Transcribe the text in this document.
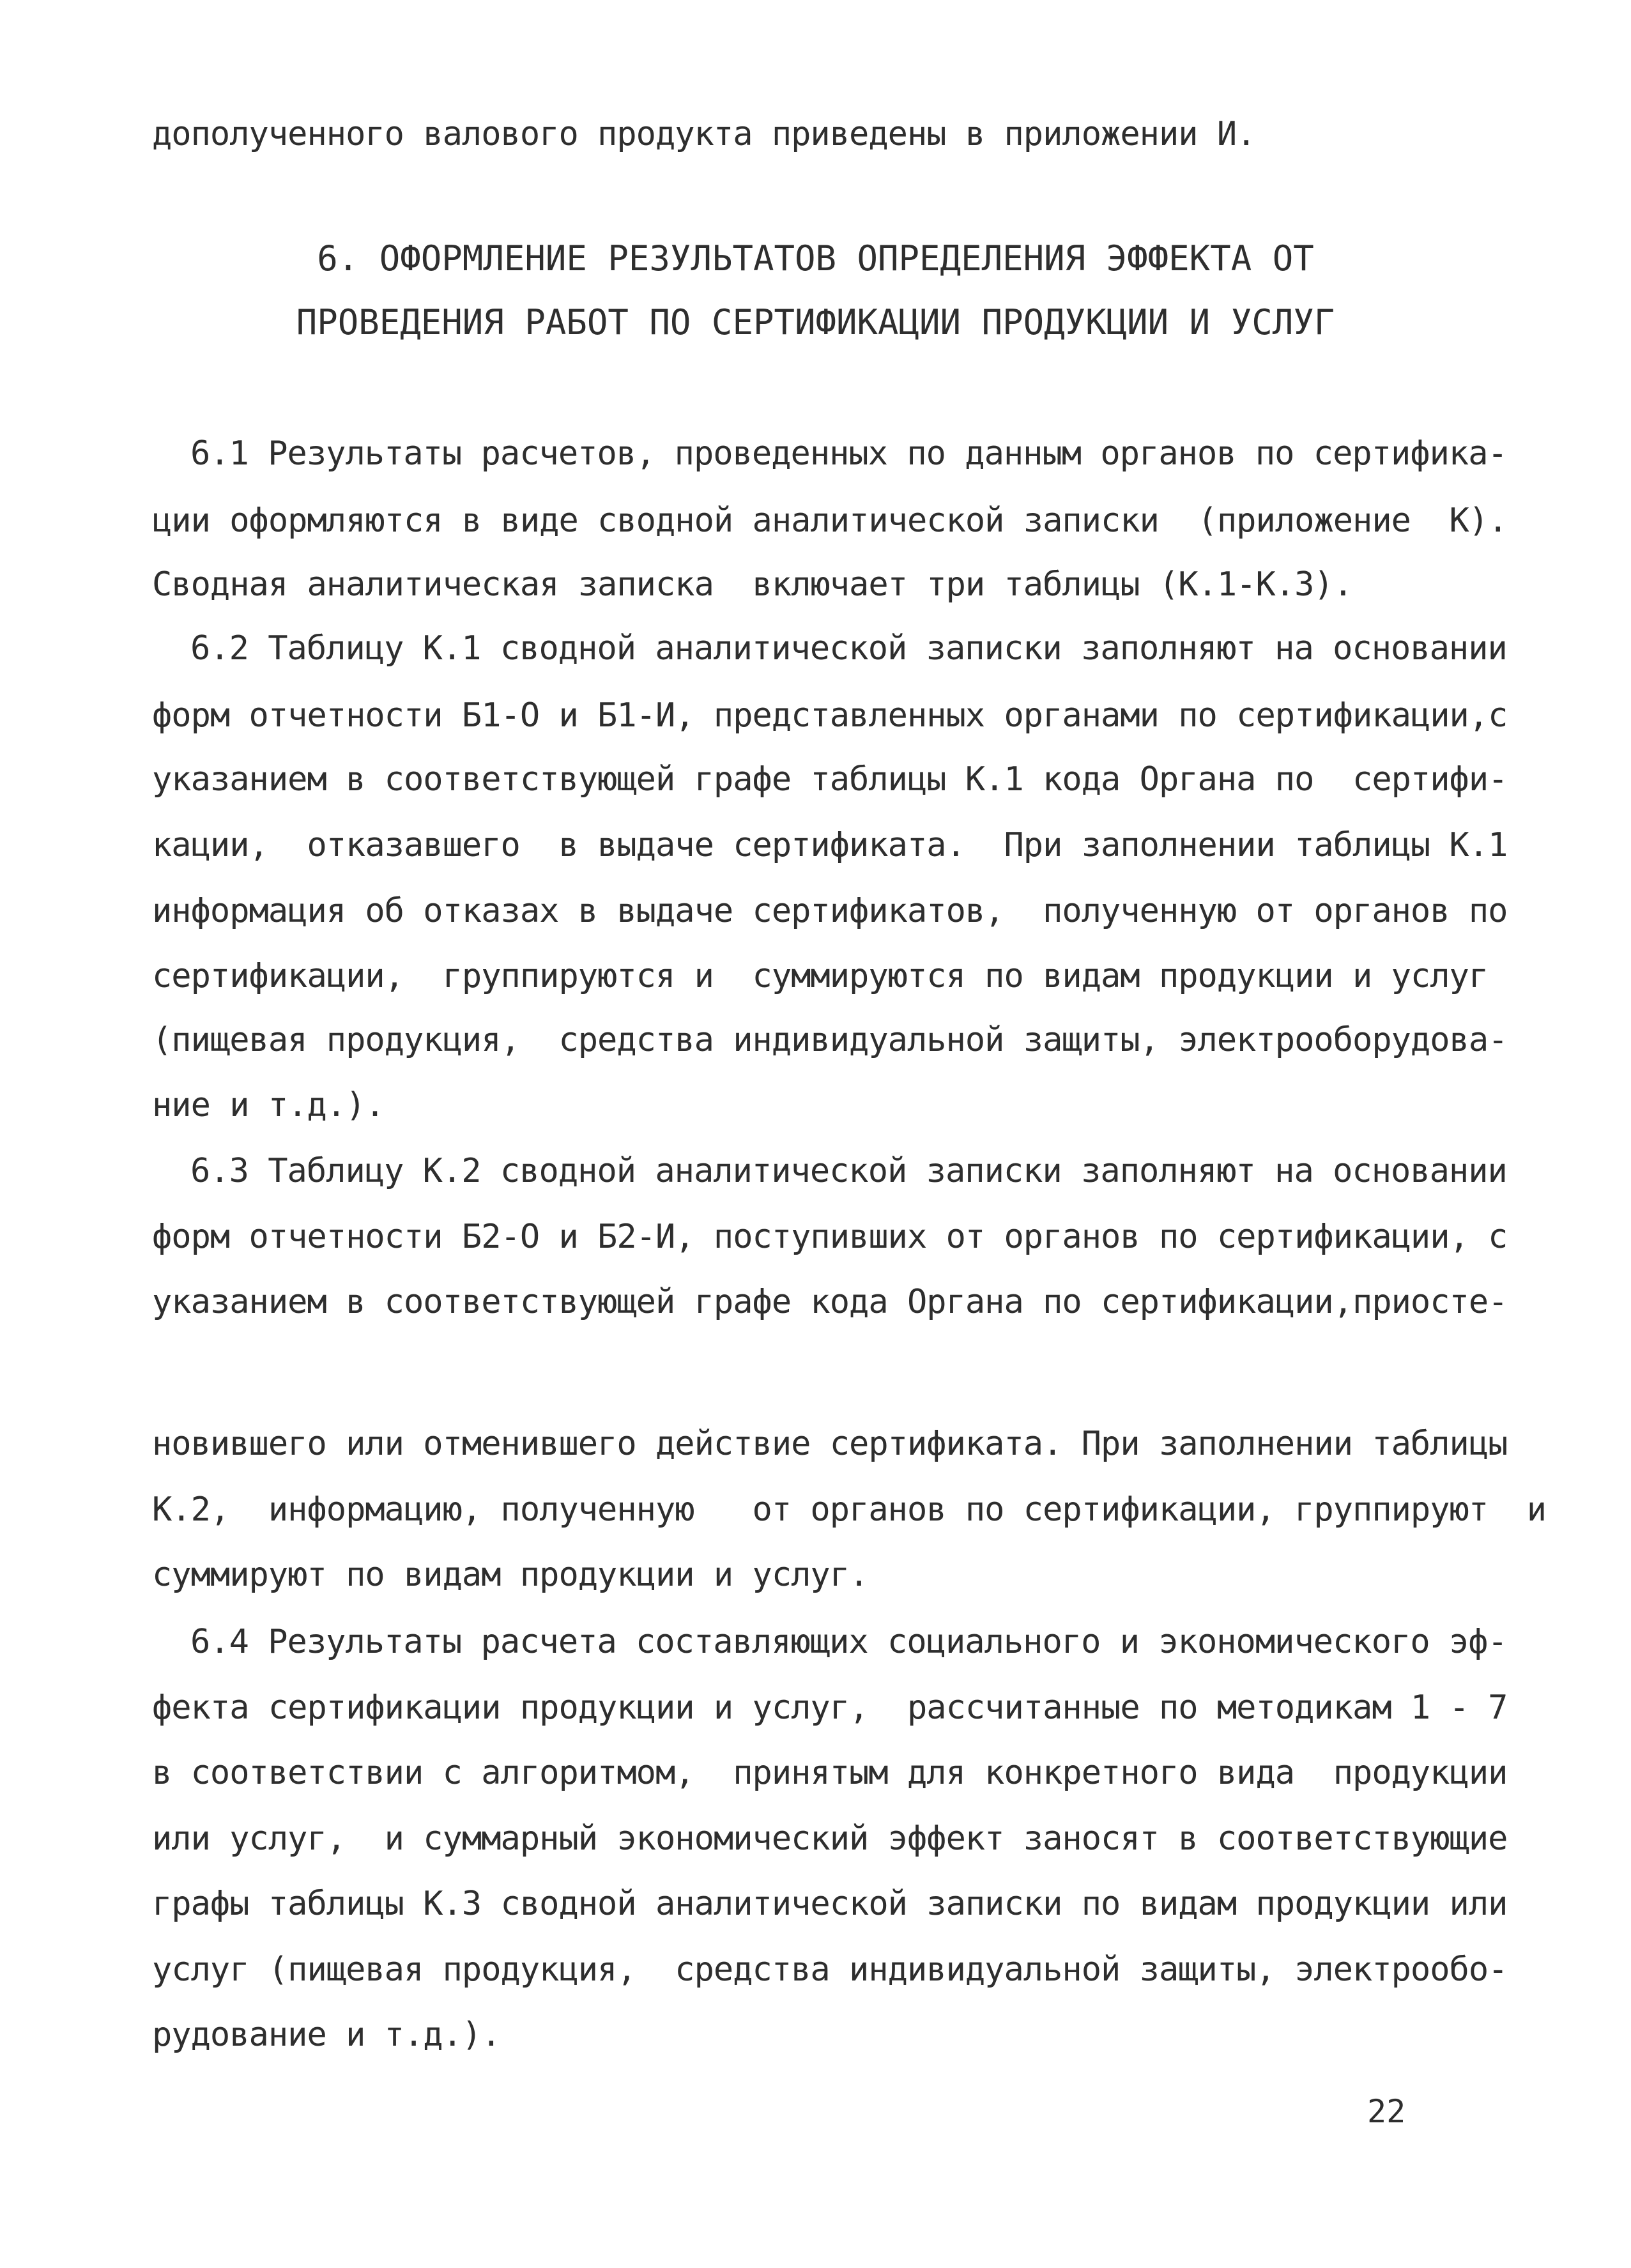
дополученного валового продукта приведены в приложении И.
6. ОФОРМЛЕНИЕ РЕЗУЛЬТАТОВ ОПРЕДЕЛЕНИЯ ЭФФЕКТА ОТ
ПРОВЕДЕНИЯ РАБОТ ПО СЕРТИФИКАЦИИ ПРОДУКЦИИ И УСЛУГ
6.1 Результаты расчетов, проведенных по данным органов по сертифика-
ции оформляются в виде сводной аналитической записки  (приложение  К).
Сводная аналитическая записка  включает три таблицы (К.1-К.3).
6.2 Таблицу К.1 сводной аналитической записки заполняют на основании
форм отчетности Б1-О и Б1-И, представленных органами по сертификации,с
указанием в соответствующей графе таблицы К.1 кода Органа по  сертифи-
кации,  отказавшего  в выдаче сертификата.  При заполнении таблицы К.1
информация об отказах в выдаче сертификатов,  полученную от органов по
сертификации,  группируются и  суммируются по видам продукции и услуг
(пищевая продукция,  средства индивидуальной защиты, электрооборудова-
ние и т.д.).
6.3 Таблицу К.2 сводной аналитической записки заполняют на основании
форм отчетности Б2-О и Б2-И, поступивших от органов по сертификации, с
указанием в соответствующей графе кода Органа по сертификации,приосте-
новившего или отменившего действие сертификата. При заполнении таблицы
К.2,  информацию, полученную   от органов по сертификации, группируют  и
суммируют по видам продукции и услуг.
6.4 Результаты расчета составляющих социального и экономического эф-
фекта сертификации продукции и услуг,  рассчитанные по методикам 1 - 7
в соответствии с алгоритмом,  принятым для конкретного вида  продукции
или услуг,  и суммарный экономический эффект заносят в соответствующие
графы таблицы К.3 сводной аналитической записки по видам продукции или
услуг (пищевая продукция,  средства индивидуальной защиты, электрообо-
рудование и т.д.).
22
